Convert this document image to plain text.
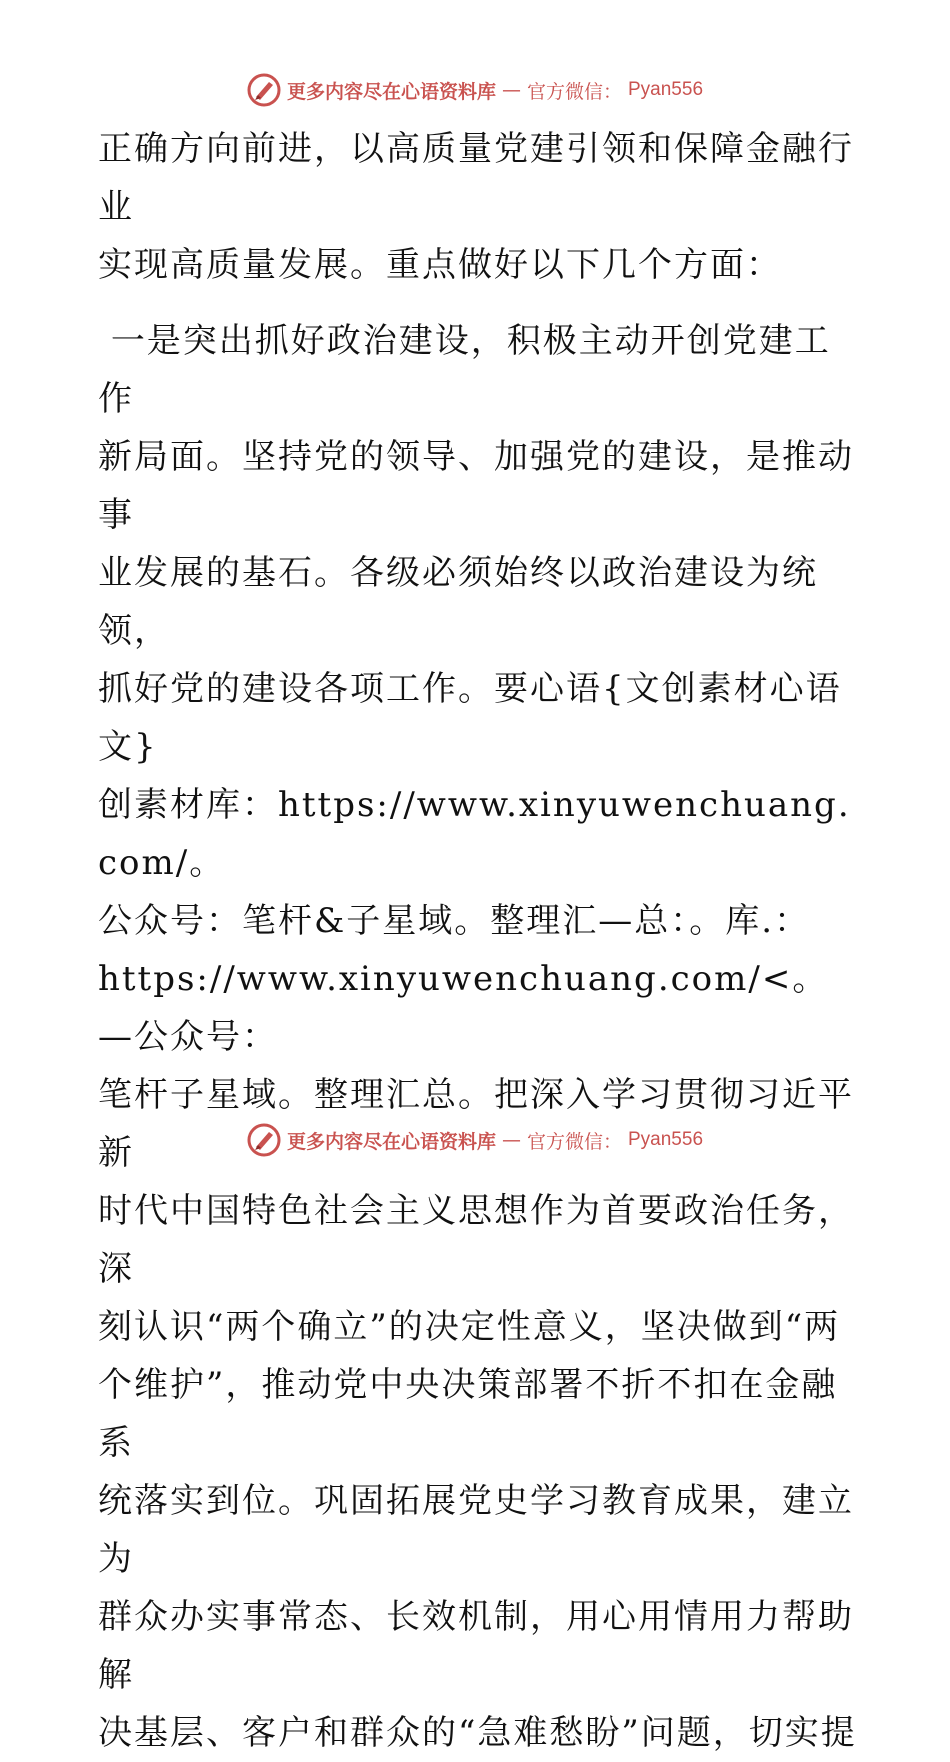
更多内容尽在心语资料库 — 官方微信： Pyan556

正确方向前进，以高质量党建引领和保障金融行业

实现高质量发展。重点做好以下几个方面：

一是突出抓好政治建设，积极主动开创党建工作

新局面。坚持党的领导、加强党的建设，是推动事

业发展的基石。各级必须始终以政治建设为统领，

抓好党的建设各项工作。要心语{文创素材心语文}

创素材库：https://www.xinyuwenchuang.com/。

公众号：笔杆&子星域。整理汇—总：。库.：

https://www.xinyuwenchuang.com/<。—公众号：

笔杆子星域。整理汇总。把深入学习贯彻习近平新

时代中国特色社会主义思想作为首要政治任务，深

刻认识“两个确立”的决定性意义，坚决做到“两

个维护”，推动党中央决策部署不折不扣在金融系

统落实到位。巩固拓展党史学习教育成果，建立为

群众办实事常态、长效机制，用心用情用力帮助解

决基层、客户和群众的“急难愁盼”问题，切实提

更多内容尽在心语资料库 — 官方微信： Pyan556
